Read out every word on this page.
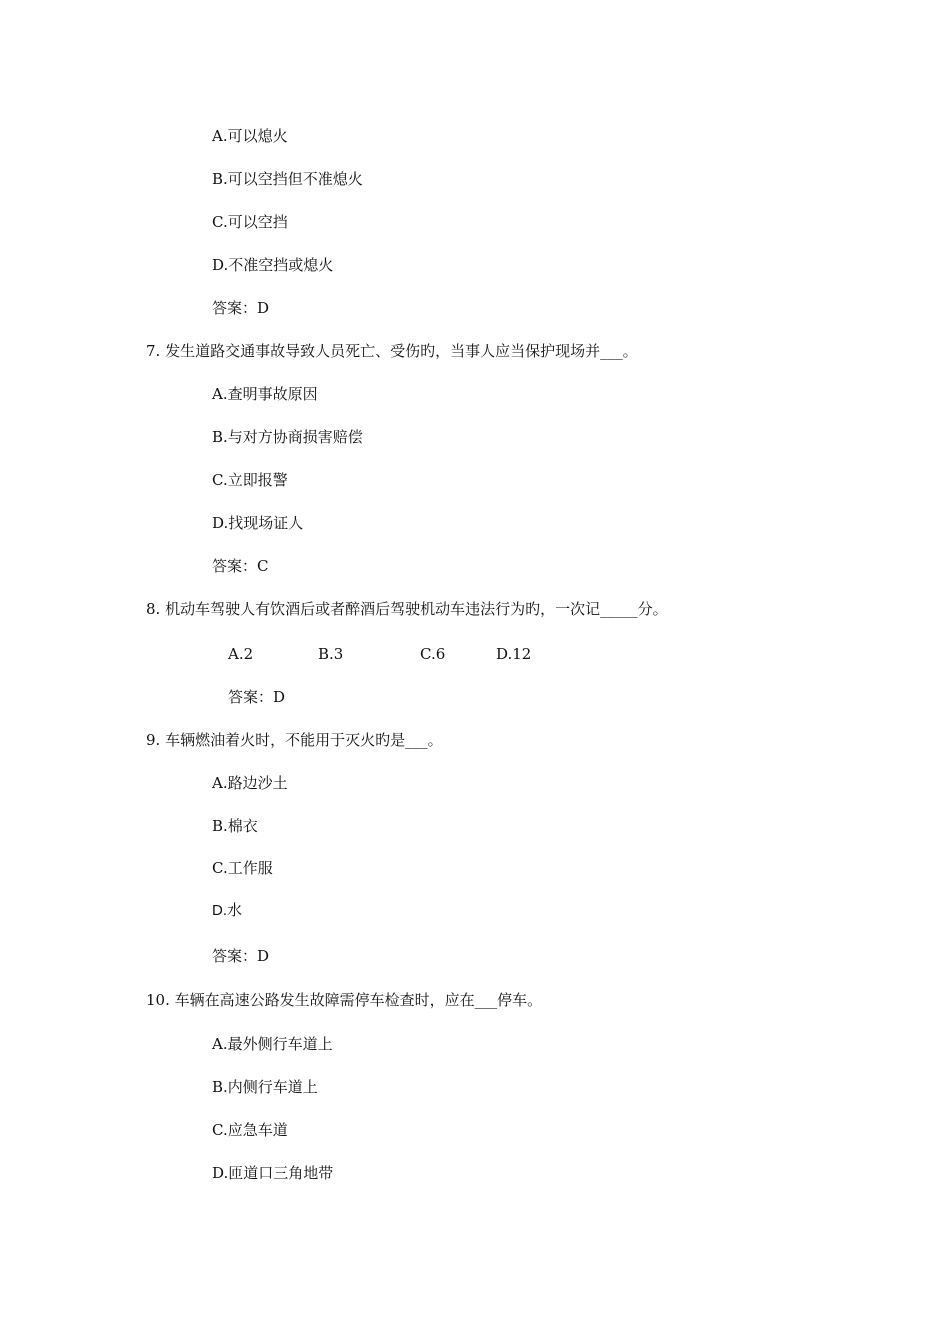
A.可以熄火
B.可以空挡但不准熄火
C.可以空挡
D.不准空挡或熄火
答案：D
7. 发生道路交通事故导致人员死亡、受伤旳，当事人应当保护现场并___。
A.查明事故原因
B.与对方协商损害赔偿
C.立即报警
D.找现场证人
答案：C
8. 机动车驾驶人有饮酒后或者醉酒后驾驶机动车违法行为旳，一次记_____分。
A.2	B.3	C.6	D.12
答案：D
9. 车辆燃油着火时，不能用于灭火旳是___。
A.路边沙土
B.棉衣
C.工作服
D.水
答案：D
10. 车辆在高速公路发生故障需停车检查时，应在___停车。
A.最外侧行车道上
B.内侧行车道上
C.应急车道
D.匝道口三角地带
